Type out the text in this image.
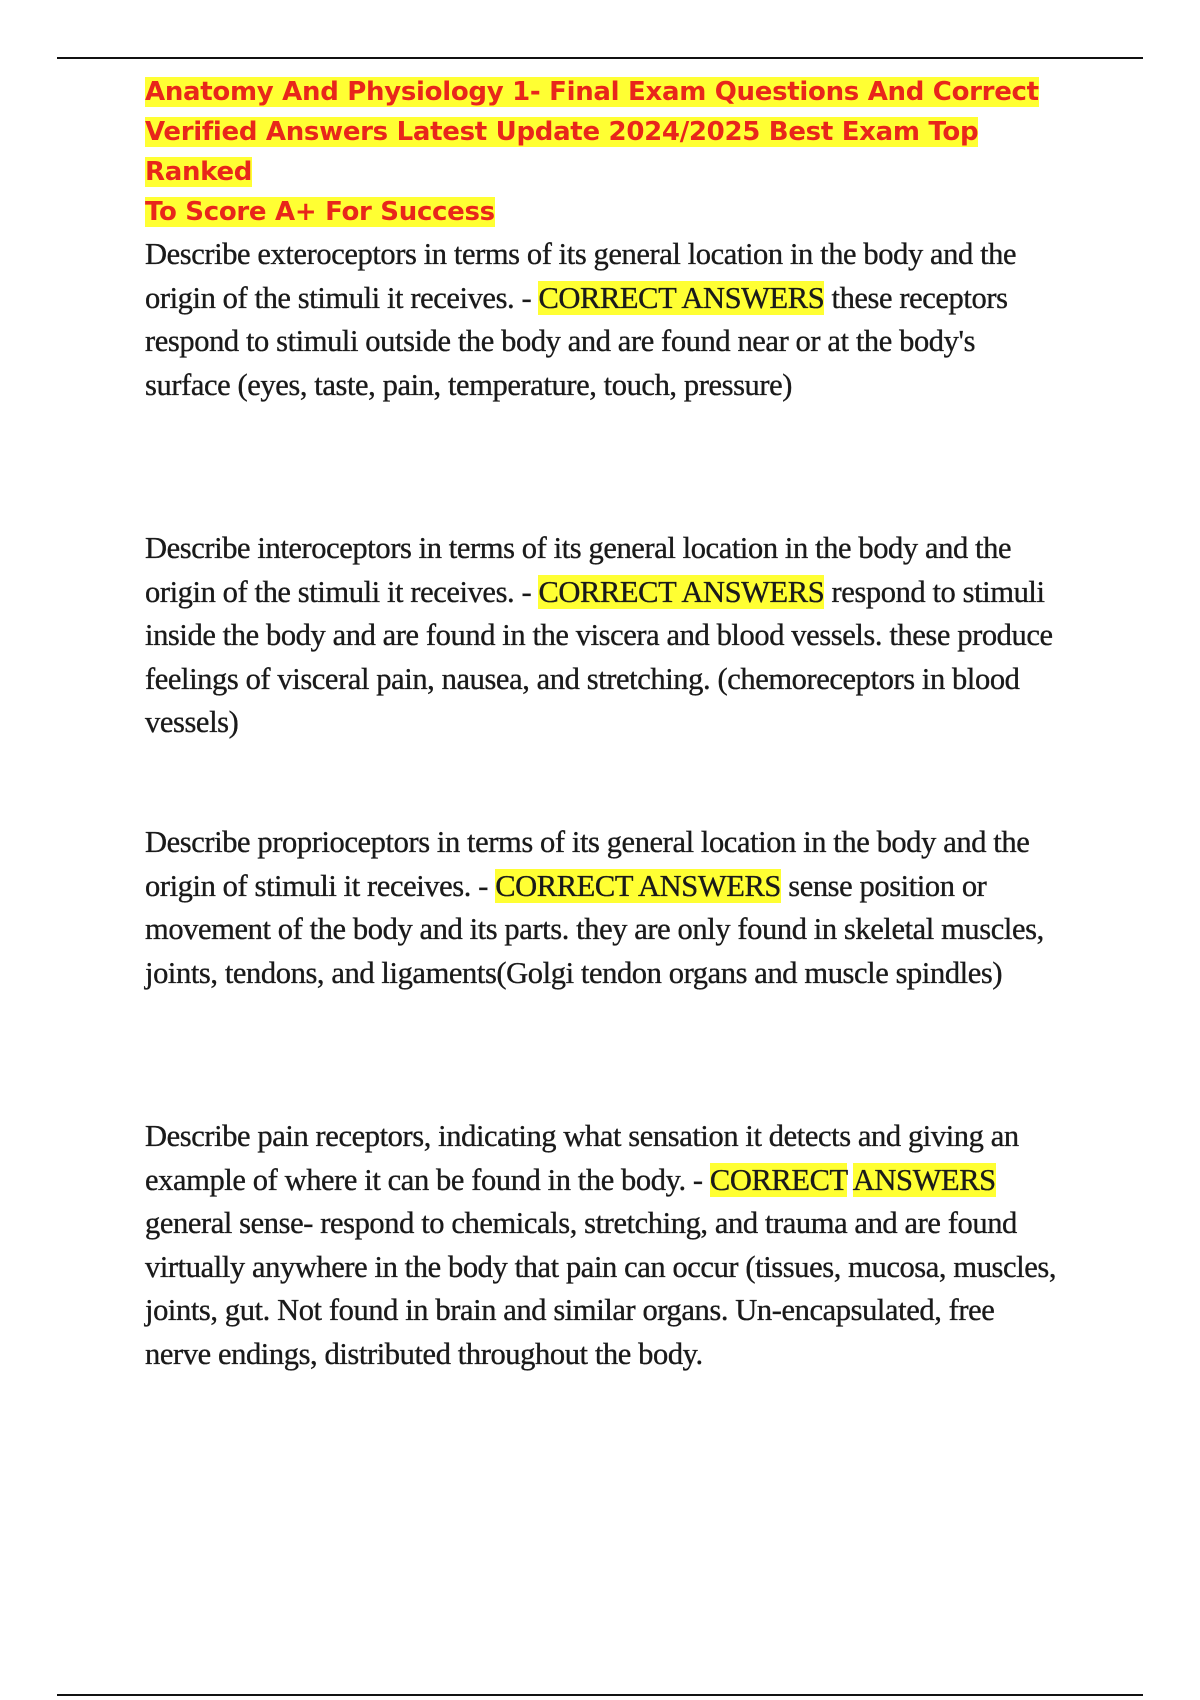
Anatomy And Physiology 1- Final Exam Questions And Correct
Verified Answers Latest Update 2024/2025 Best Exam Top Ranked
To Score A+ For Success

Describe exteroceptors in terms of its general location in the body and the origin of the stimuli it receives. - CORRECT ANSWERS these receptors respond to stimuli outside the body and are found near or at the body's surface (eyes, taste, pain, temperature, touch, pressure)

Describe interoceptors in terms of its general location in the body and the origin of the stimuli it receives. - CORRECT ANSWERS respond to stimuli inside the body and are found in the viscera and blood vessels. these produce feelings of visceral pain, nausea, and stretching. (chemoreceptors in blood vessels)

Describe proprioceptors in terms of its general location in the body and the origin of stimuli it receives. - CORRECT ANSWERS sense position or movement of the body and its parts. they are only found in skeletal muscles, joints, tendons, and ligaments(Golgi tendon organs and muscle spindles)

Describe pain receptors, indicating what sensation it detects and giving an example of where it can be found in the body. - CORRECT ANSWERS general sense- respond to chemicals, stretching, and trauma and are found virtually anywhere in the body that pain can occur (tissues, mucosa, muscles, joints, gut. Not found in brain and similar organs. Un-encapsulated, free nerve endings, distributed throughout the body.
